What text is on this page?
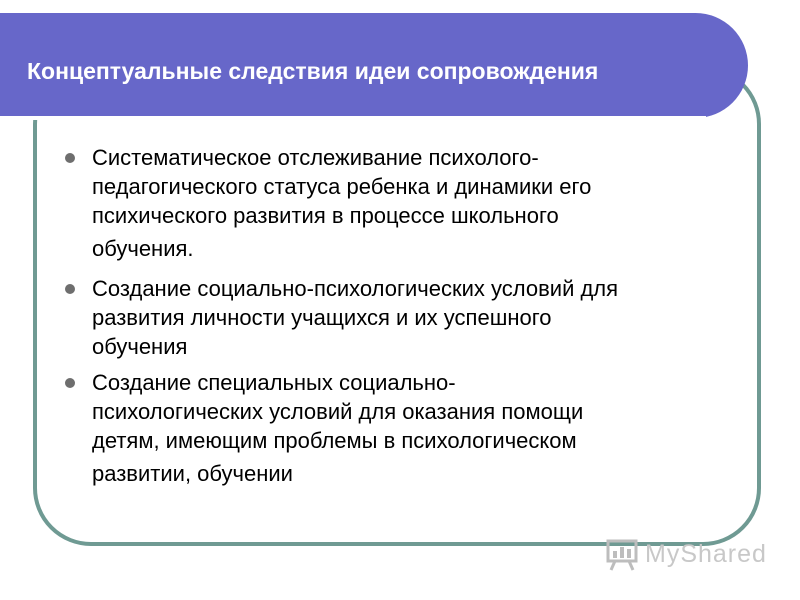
Концептуальные следствия идеи сопровождения
Систематическое отслеживание психолого-
педагогического статуса ребенка и динамики его
психического развития в процессе школьного
обучения.
Создание социально-психологических условий для
развития личности учащихся и их успешного
обучения
Создание специальных социально-
психологических условий для оказания помощи
детям, имеющим проблемы в психологическом
развитии, обучении
MyShared
